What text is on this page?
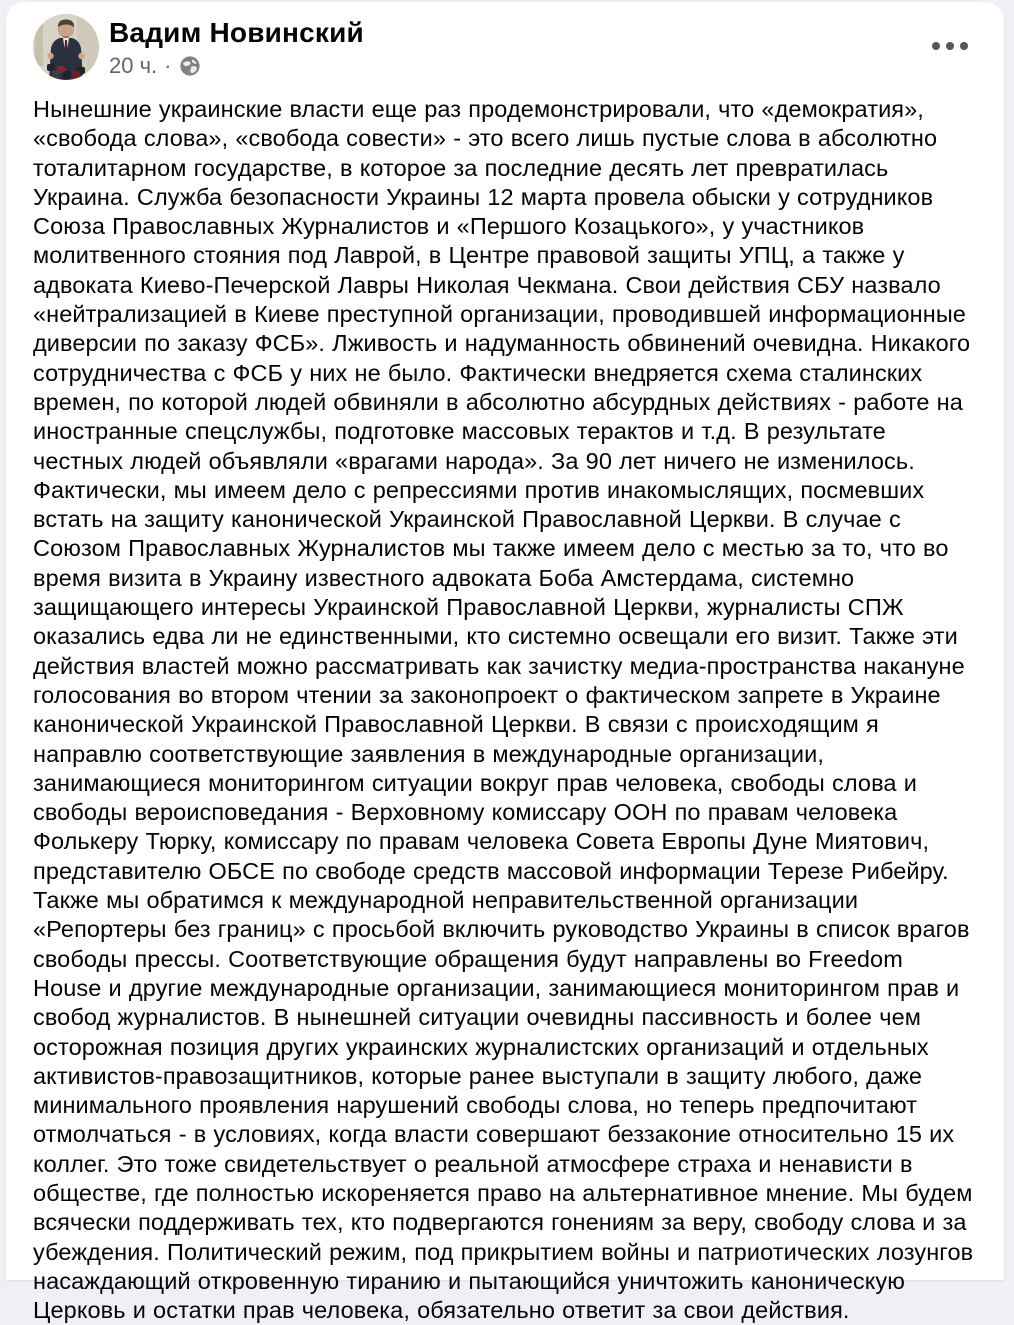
Вадим Новинский
20 ч. ·
Нынешние украинские власти еще раз продемонстрировали, что «демократия», «свобода слова», «свобода совести» - это всего лишь пустые слова в абсолютно тоталитарном государстве, в которое за последние десять лет превратилась Украина. Служба безопасности Украины 12 марта провела обыски у сотрудников Союза Православных Журналистов и «Першого Козацького», у участников молитвенного стояния под Лаврой, в Центре правовой защиты УПЦ, а также у адвоката Киево-Печерской Лавры Николая Чекмана. Свои действия СБУ назвало «нейтрализацией в Киеве преступной организации, проводившей информационные диверсии по заказу ФСБ». Лживость и надуманность обвинений очевидна. Никакого сотрудничества с ФСБ у них не было. Фактически внедряется схема сталинских времен, по которой людей обвиняли в абсолютно абсурдных действиях - работе на иностранные спецслужбы, подготовке массовых терактов и т.д. В результате честных людей объявляли «врагами народа». За 90 лет ничего не изменилось. Фактически, мы имеем дело с репрессиями против инакомыслящих, посмевших встать на защиту канонической Украинской Православной Церкви. В случае с Союзом Православных Журналистов мы также имеем дело с местью за то, что во время визита в Украину известного адвоката Боба Амстердама, системно защищающего интересы Украинской Православной Церкви, журналисты СПЖ оказались едва ли не единственными, кто системно освещали его визит. Также эти действия властей можно рассматривать как зачистку медиа-пространства накануне голосования во втором чтении за законопроект о фактическом запрете в Украине канонической Украинской Православной Церкви. В связи с происходящим я направлю соответствующие заявления в международные организации, занимающиеся мониторингом ситуации вокруг прав человека, свободы слова и свободы вероисповедания - Верховному комиссару ООН по правам человека Фолькеру Тюрку, комиссару по правам человека Совета Европы Дуне Миятович, представителю ОБСЕ по свободе средств массовой информации Терезе Рибейру. Также мы обратимся к международной неправительственной организации «Репортеры без границ» с просьбой включить руководство Украины в список врагов свободы прессы. Соответствующие обращения будут направлены во Freedom House и другие международные организации, занимающиеся мониторингом прав и свобод журналистов. В нынешней ситуации очевидны пассивность и более чем осторожная позиция других украинских журналистских организаций и отдельных активистов-правозащитников, которые ранее выступали в защиту любого, даже минимального проявления нарушений свободы слова, но теперь предпочитают отмолчаться - в условиях, когда власти совершают беззаконие относительно 15 их коллег. Это тоже свидетельствует о реальной атмосфере страха и ненависти в обществе, где полностью искореняется право на альтернативное мнение. Мы будем всячески поддерживать тех, кто подвергаются гонениям за веру, свободу слова и за убеждения. Политический режим, под прикрытием войны и патриотических лозунгов насаждающий откровенную тиранию и пытающийся уничтожить каноническую Церковь и остатки прав человека, обязательно ответит за свои действия.
